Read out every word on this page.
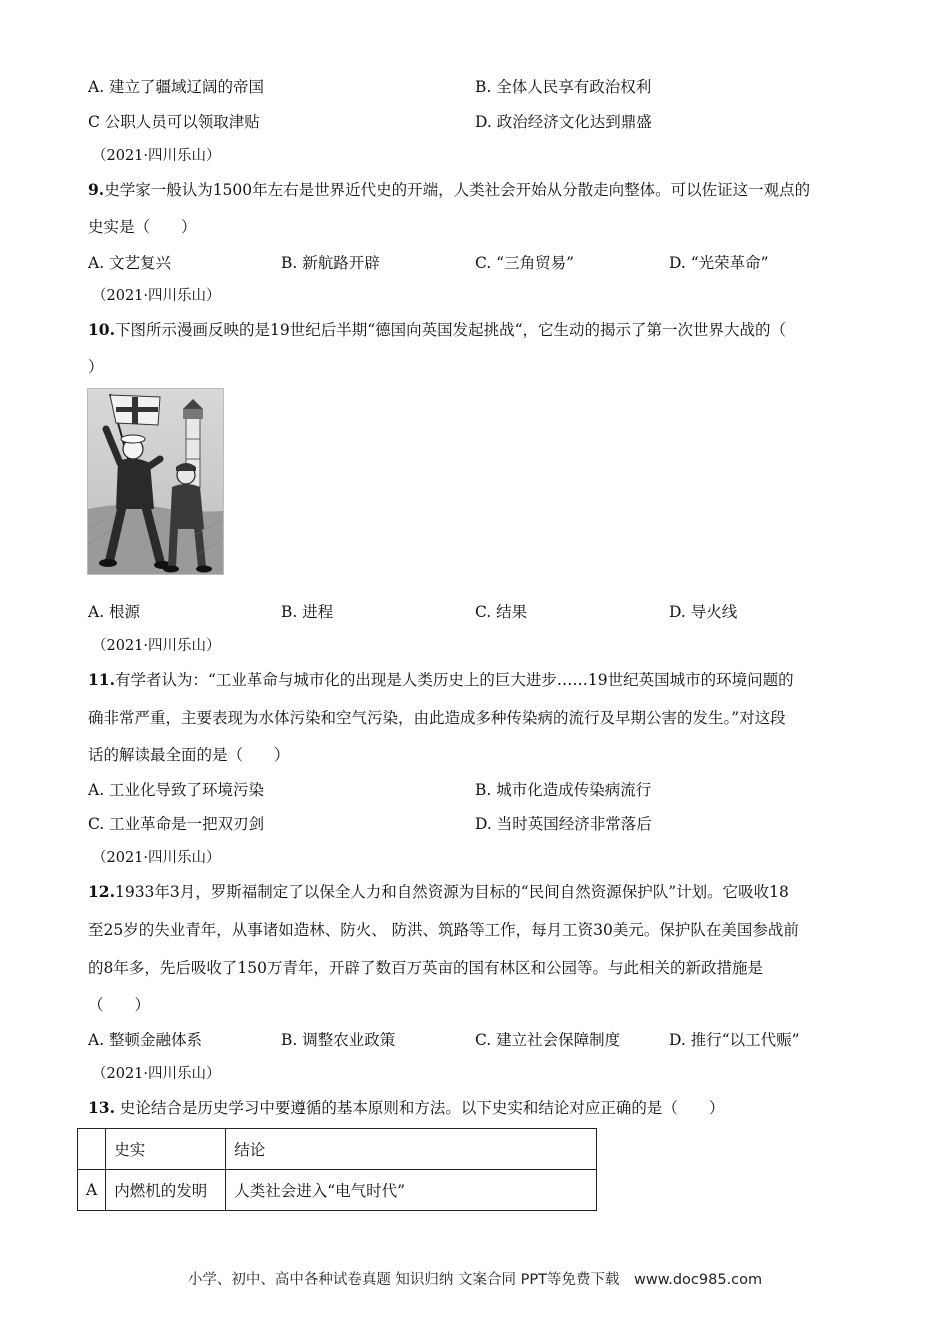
A. 建立了疆域辽阔的帝国	B. 全体人民享有政治权利
C 公职人员可以领取津贴	D. 政治经济文化达到鼎盛
（2021·四川乐山）
9.史学家一般认为1500年左右是世界近代史的开端，人类社会开始从分散走向整体。可以佐证这一观点的
史实是（　　）
A. 文艺复兴	B. 新航路开辟	C. “三角贸易”	D. “光荣革命”
（2021·四川乐山）
10.下图所示漫画反映的是19世纪后半期“德国向英国发起挑战“，它生动的揭示了第一次世界大战的（
）
A. 根源	B. 进程	C. 结果	D. 导火线
（2021·四川乐山）
11.有学者认为：“工业革命与城市化的出现是人类历史上的巨大进步……19世纪英国城市的环境问题的
确非常严重，主要表现为水体污染和空气污染，由此造成多种传染病的流行及早期公害的发生。”对这段
话的解读最全面的是（　　）
A. 工业化导致了环境污染	B. 城市化造成传染病流行
C. 工业革命是一把双刃剑	D. 当时英国经济非常落后
（2021·四川乐山）
12.1933年3月，罗斯福制定了以保全人力和自然资源为目标的“民间自然资源保护队”计划。它吸收18
至25岁的失业青年，从事诸如造林、防火、 防洪、筑路等工作，每月工资30美元。保护队在美国参战前
的8年多，先后吸收了150万青年，开辟了数百万英亩的国有林区和公园等。与此相关的新政措施是
（　　）
A. 整顿金融体系	B. 调整农业政策	C. 建立社会保障制度	D. 推行“以工代赈”
（2021·四川乐山）
13. 史论结合是历史学习中要遵循的基本原则和方法。以下史实和结论对应正确的是（　　）
	史实	结论
A	内燃机的发明	人类社会进入“电气时代”
小学、初中、高中各种试卷真题 知识归纳 文案合同 PPT等免费下载　www.doc985.com
